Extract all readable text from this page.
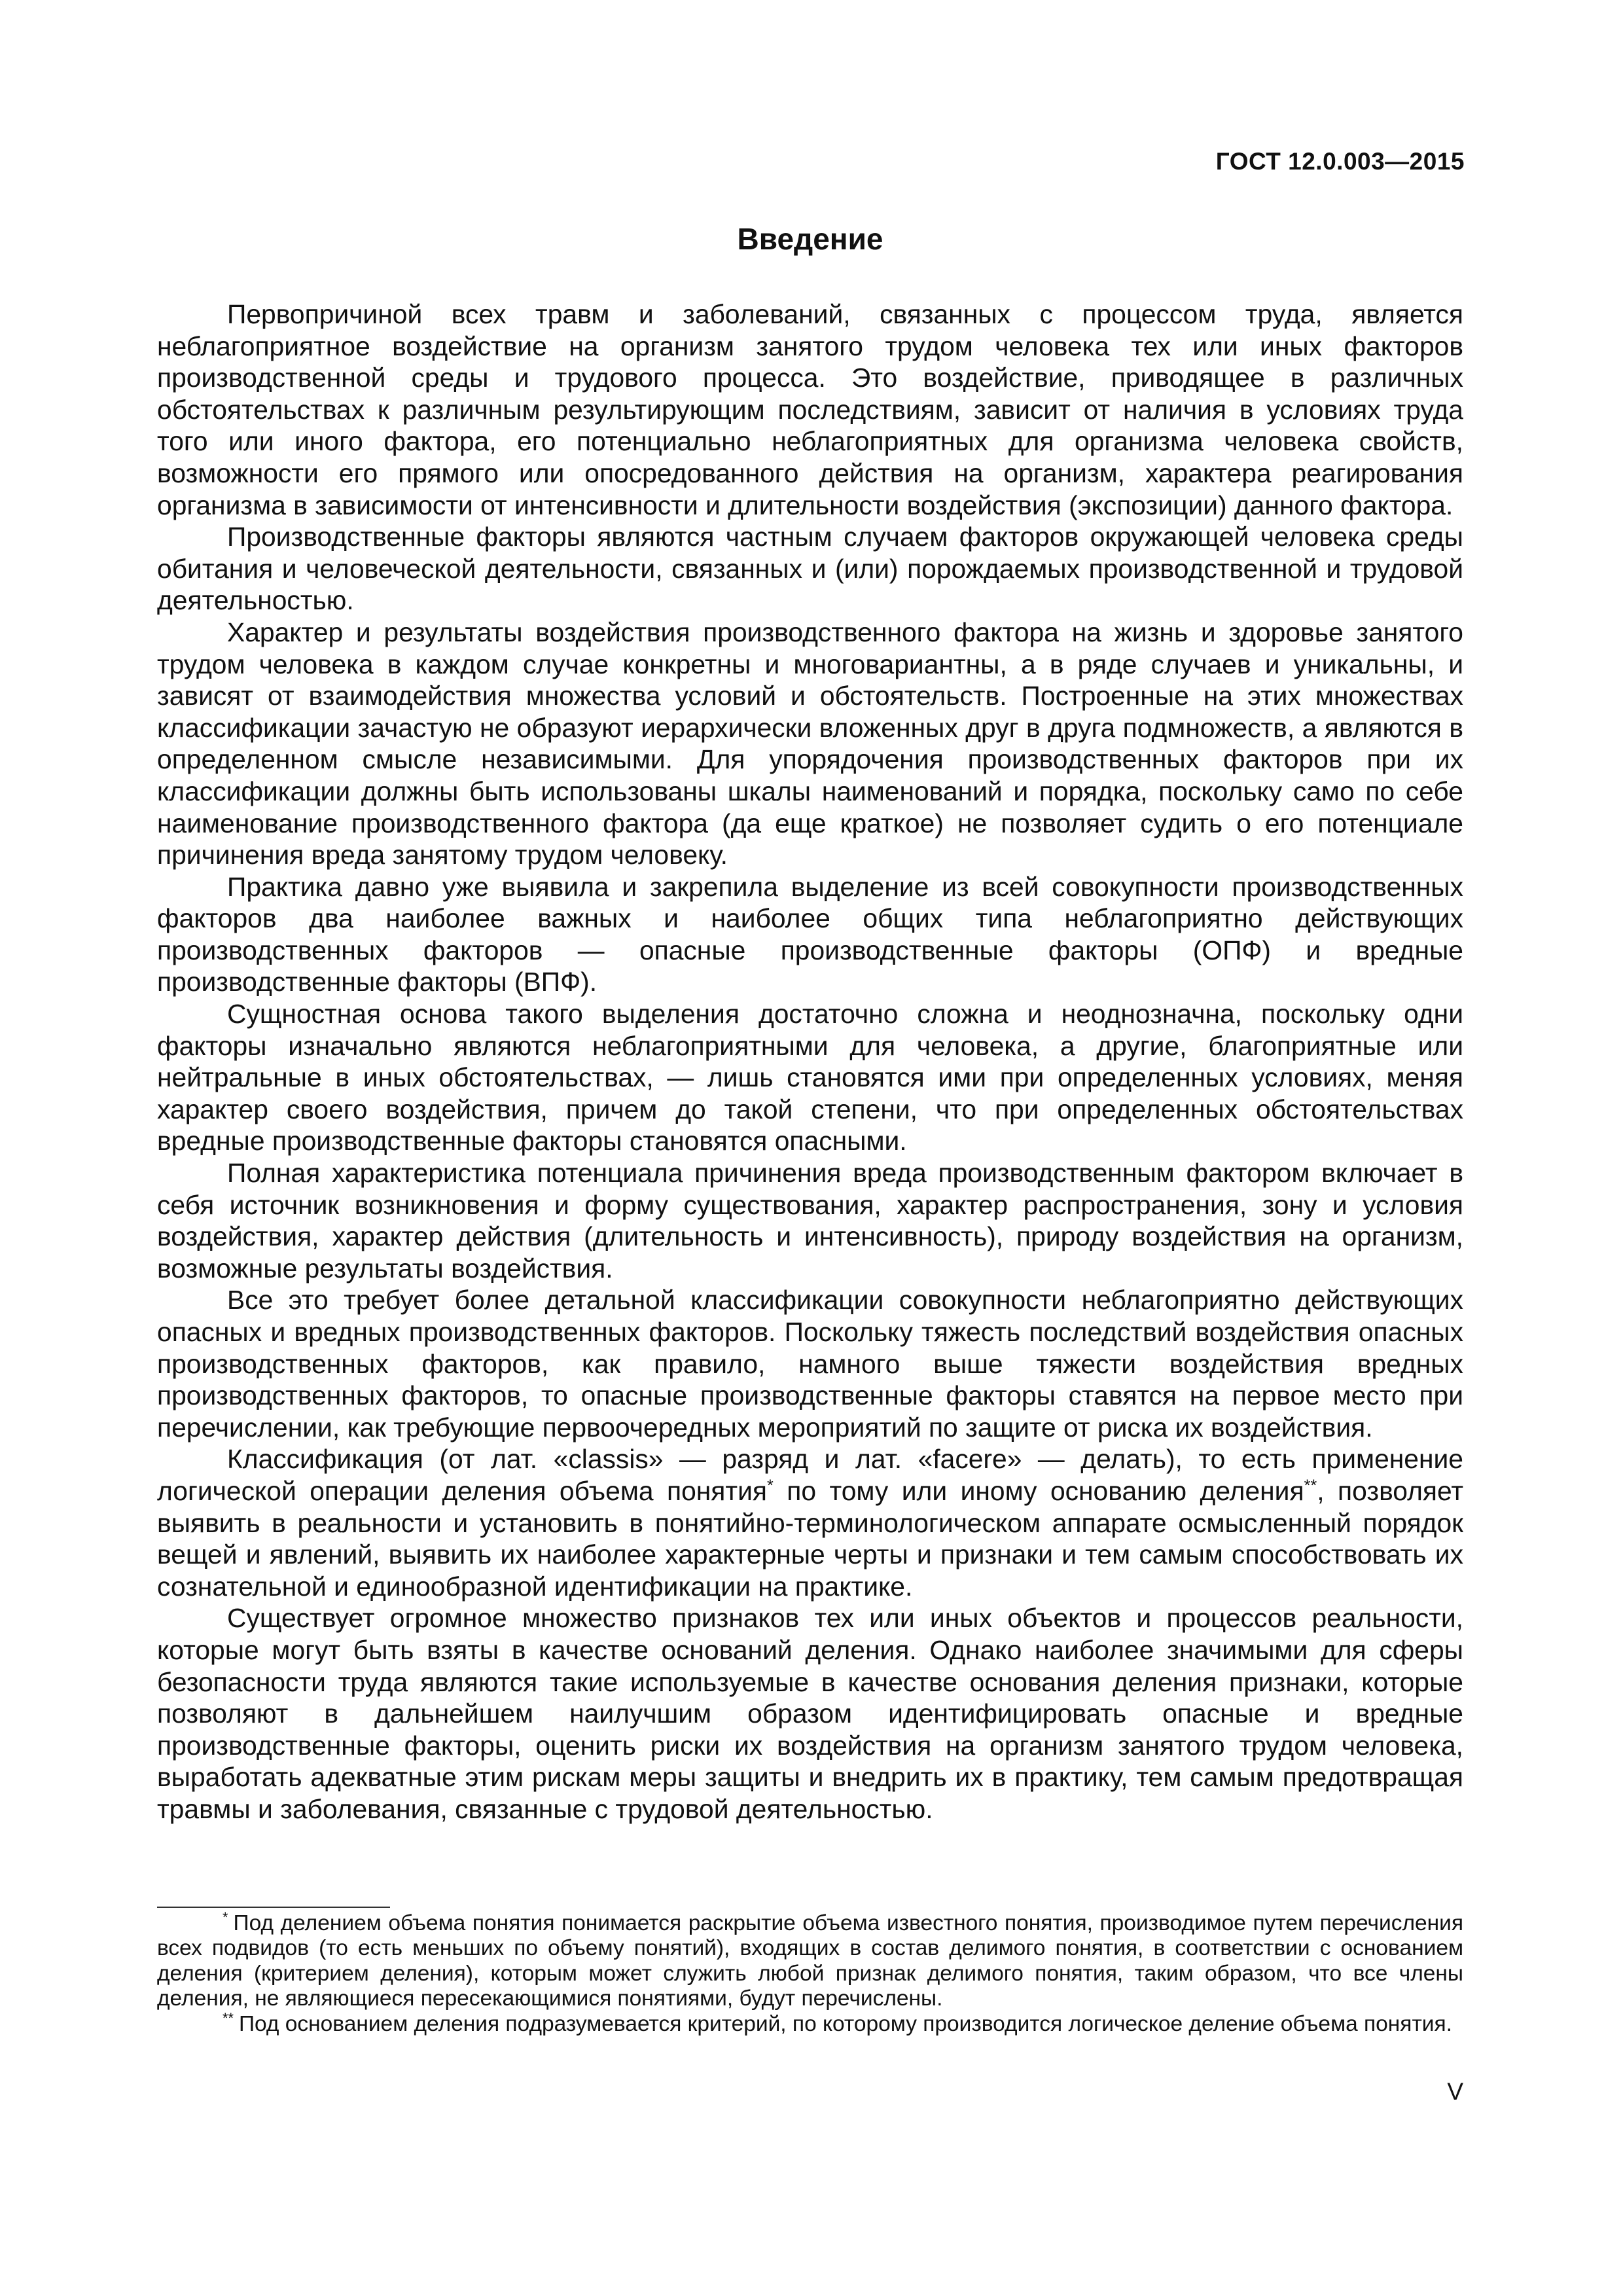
ГОСТ 12.0.003—2015
Введение

Первопричиной всех травм и заболеваний, связанных с процессом труда, является неблагоприятное воздействие на организм занятого трудом человека тех или иных факторов производственной среды и трудового процесса. Это воздействие, приводящее в различных обстоятельствах к различным результирующим последствиям, зависит от наличия в условиях труда того или иного фактора, его потенциально неблагоприятных для организма человека свойств, возможности его прямого или опосредованного действия на организм, характера реагирования организма в зависимости от интенсивности и длительности воздействия (экспозиции) данного фактора.

Производственные факторы являются частным случаем факторов окружающей человека среды обитания и человеческой деятельности, связанных и (или) порождаемых производственной и трудовой деятельностью.

Характер и результаты воздействия производственного фактора на жизнь и здоровье занятого трудом человека в каждом случае конкретны и многовариантны, а в ряде случаев и уникальны, и зависят от взаимодействия множества условий и обстоятельств. Построенные на этих множествах классификации зачастую не образуют иерархически вложенных друг в друга подмножеств, а являются в определенном смысле независимыми. Для упорядочения производственных факторов при их классификации должны быть использованы шкалы наименований и порядка, поскольку само по себе наименование производственного фактора (да еще краткое) не позволяет судить о его потенциале причинения вреда занятому трудом человеку.

Практика давно уже выявила и закрепила выделение из всей совокупности производственных факторов два наиболее важных и наиболее общих типа неблагоприятно действующих производственных факторов — опасные производственные факторы (ОПФ) и вредные производственные факторы (ВПФ).

Сущностная основа такого выделения достаточно сложна и неоднозначна, поскольку одни факторы изначально являются неблагоприятными для человека, а другие, благоприятные или нейтральные в иных обстоятельствах, — лишь становятся ими при определенных условиях, меняя характер своего воздействия, причем до такой степени, что при определенных обстоятельствах вредные производственные факторы становятся опасными.

Полная характеристика потенциала причинения вреда производственным фактором включает в себя источник возникновения и форму существования, характер распространения, зону и условия воздействия, характер действия (длительность и интенсивность), природу воздействия на организм, возможные результаты воздействия.

Все это требует более детальной классификации совокупности неблагоприятно действующих опасных и вредных производственных факторов. Поскольку тяжесть последствий воздействия опасных производственных факторов, как правило, намного выше тяжести воздействия вредных производственных факторов, то опасные производственные факторы ставятся на первое место при перечислении, как требующие первоочередных мероприятий по защите от риска их воздействия.

Классификация (от лат. «classis» — разряд и лат. «facere» — делать), то есть применение логической операции деления объема понятия* по тому или иному основанию деления**, позволяет выявить в реальности и установить в понятийно-терминологическом аппарате осмысленный порядок вещей и явлений, выявить их наиболее характерные черты и признаки и тем самым способствовать их сознательной и единообразной идентификации на практике.

Существует огромное множество признаков тех или иных объектов и процессов реальности, которые могут быть взяты в качестве оснований деления. Однако наиболее значимыми для сферы безопасности труда являются такие используемые в качестве основания деления признаки, которые позволяют в дальнейшем наилучшим образом идентифицировать опасные и вредные производственные факторы, оценить риски их воздействия на организм занятого трудом человека, выработать адекватные этим рискам меры защиты и внедрить их в практику, тем самым предотвращая травмы и заболевания, связанные с трудовой деятельностью.

* Под делением объема понятия понимается раскрытие объема известного понятия, производимое путем перечисления всех подвидов (то есть меньших по объему понятий), входящих в состав делимого понятия, в соответствии с основанием деления (критерием деления), которым может служить любой признак делимого понятия, таким образом, что все члены деления, не являющиеся пересекающимися понятиями, будут перечислены.

** Под основанием деления подразумевается критерий, по которому производится логическое деление объема понятия.

V
